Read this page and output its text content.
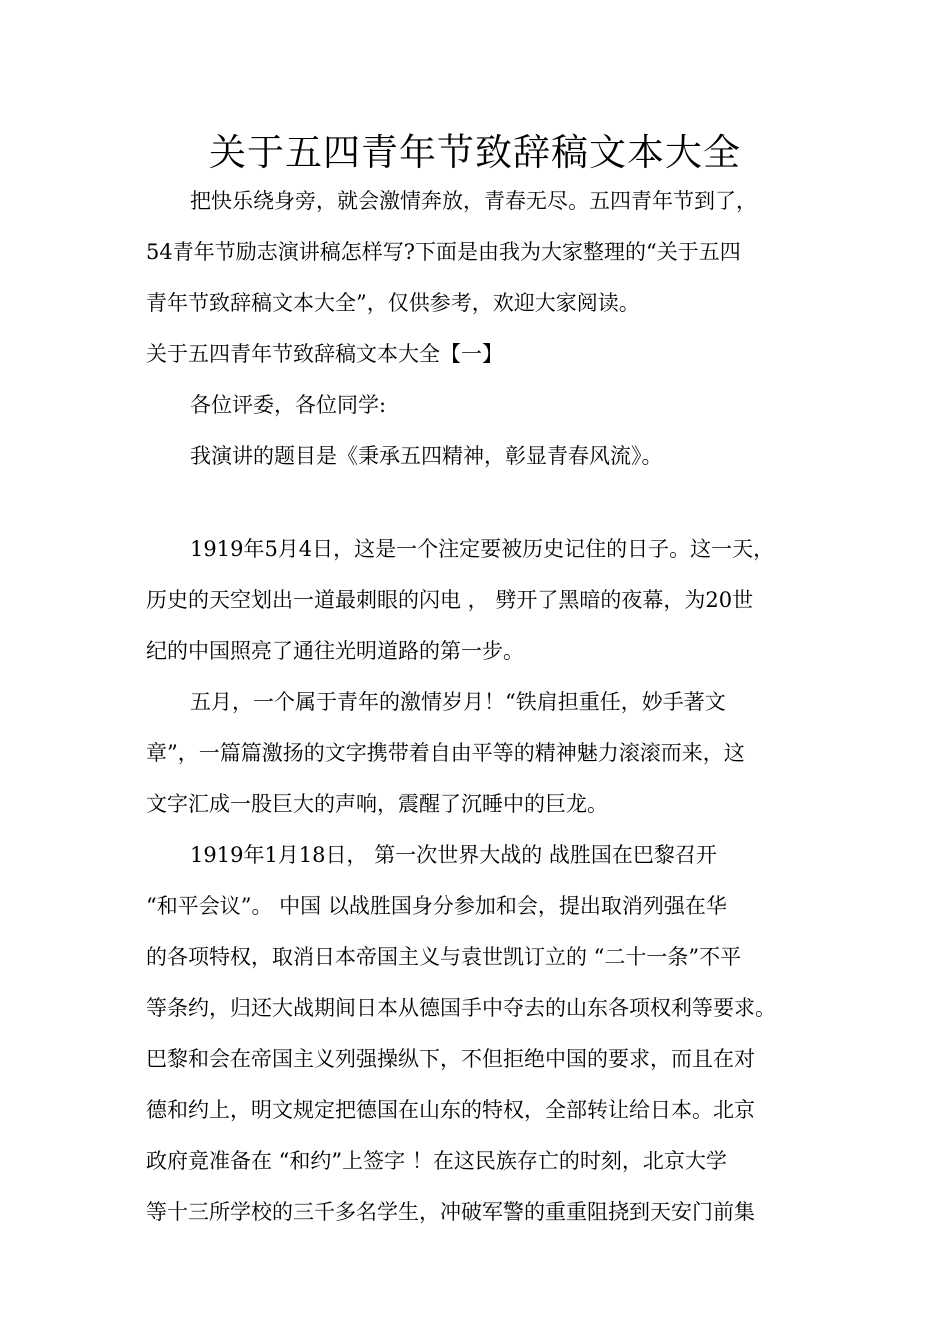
关于五四青年节致辞稿文本大全
把快乐绕身旁，就会激情奔放，青春无尽。五四青年节到了，
54青年节励志演讲稿怎样写?下面是由我为大家整理的“关于五四
青年节致辞稿文本大全”，仅供参考，欢迎大家阅读。
关于五四青年节致辞稿文本大全【一】
各位评委，各位同学:
我演讲的题目是《秉承五四精神，彰显青春风流》。
1919年5月4日，这是一个注定要被历史记住的日子。这一天，
历史的天空划出一道最刺眼的闪电 ， 劈开了黑暗的夜幕，为20世
纪的中国照亮了通往光明道路的第一步。
五月，一个属于青年的激情岁月！“铁肩担重任，妙手著文
章”，一篇篇激扬的文字携带着自由平等的精神魅力滚滚而来，这
文字汇成一股巨大的声响，震醒了沉睡中的巨龙。
1919年1月18日， 第一次世界大战的 战胜国在巴黎召开
“和平会议”。 中国 以战胜国身分参加和会，提出取消列强在华
的各项特权，取消日本帝国主义与袁世凯订立的 “二十一条”不平
等条约，归还大战期间日本从德国手中夺去的山东各项权利等要求。
巴黎和会在帝国主义列强操纵下，不但拒绝中国的要求，而且在对
德和约上，明文规定把德国在山东的特权，全部转让给日本。北京
政府竟准备在 “和约”上签字 ！在这民族存亡的时刻，北京大学
等十三所学校的三千多名学生，冲破军警的重重阻挠到天安门前集
